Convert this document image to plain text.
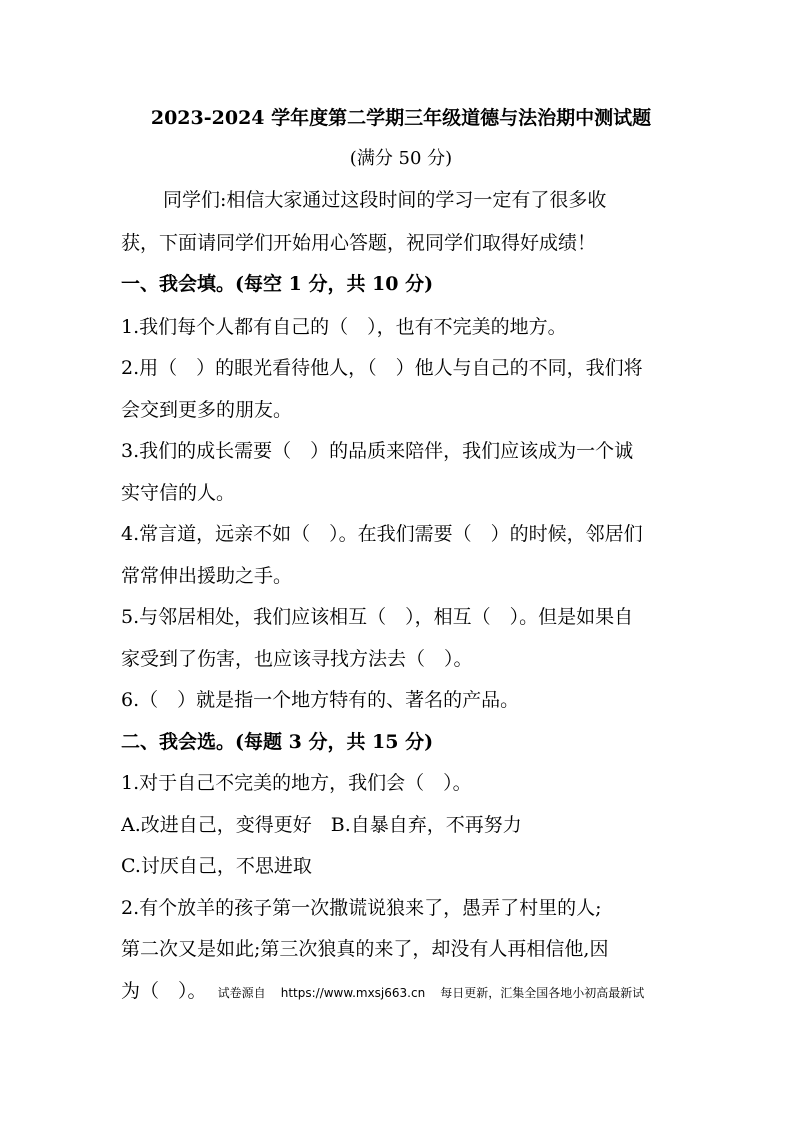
2023-2024 学年度第二学期三年级道德与法治期中测试题
(满分 50 分)
同学们:相信大家通过这段时间的学习一定有了很多收
获，下面请同学们开始用心答题，祝同学们取得好成绩！
一、我会填。(每空 1 分，共 10 分)
1.我们每个人都有自己的（　），也有不完美的地方。
2.用（　）的眼光看待他人，（　）他人与自己的不同，我们将
会交到更多的朋友。
3.我们的成长需要（　）的品质来陪伴，我们应该成为一个诚
实守信的人。
4.常言道，远亲不如（　）。在我们需要（　）的时候，邻居们
常常伸出援助之手。
5.与邻居相处，我们应该相互（　），相互（　）。但是如果自
家受到了伤害，也应该寻找方法去（　）。
6.（　）就是指一个地方特有的、著名的产品。
二、我会选。(每题 3 分，共 15 分)
1.对于自己不完美的地方，我们会（　）。
A.改进自己，变得更好　B.自暴自弃，不再努力
C.讨厌自己，不思进取
2.有个放羊的孩子第一次撒谎说狼来了，愚弄了村里的人;
第二次又是如此;第三次狼真的来了，却没有人再相信他,因
为（　）。 试卷源自 https://www.mxsj663.cn 每日更新，汇集全国各地小初高最新试
